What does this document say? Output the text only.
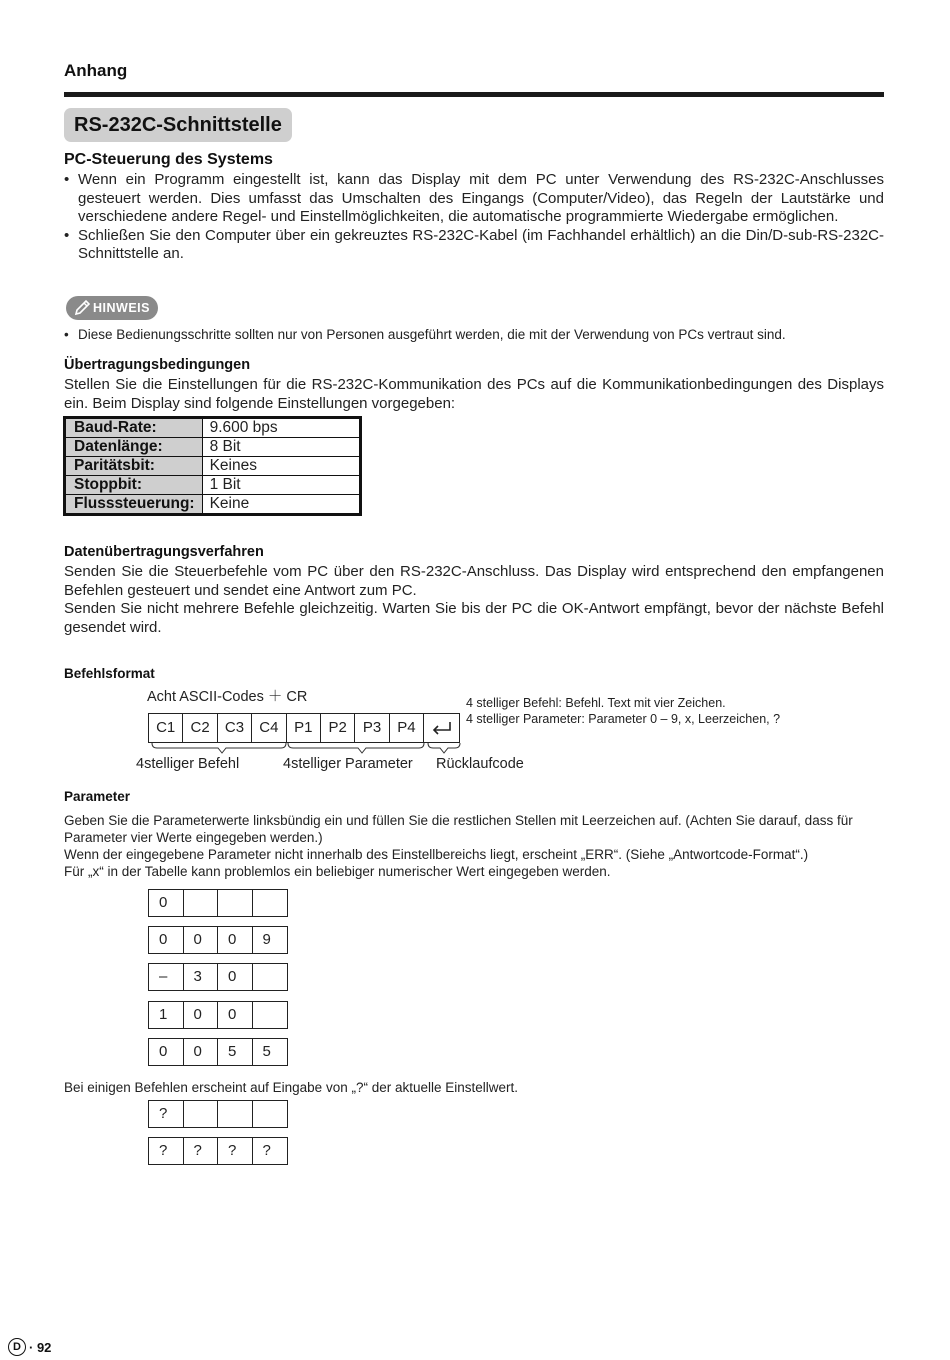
Anhang
RS-232C-Schnittstelle
PC-Steuerung des Systems
• Wenn ein Programm eingestellt ist, kann das Display mit dem PC unter Verwendung des RS-232C-Anschlusses gesteuert werden. Dies umfasst das Umschalten des Eingangs (Computer/Video), das Regeln der Lautstärke und verschiedene andere Regel- und Einstellmöglichkeiten, die automatische programmierte Wiedergabe ermöglichen.
• Schließen Sie den Computer über ein gekreuztes RS-232C-Kabel (im Fachhandel erhältlich) an die Din/D-sub-RS-232C-Schnittstelle an.
HINWEIS
• Diese Bedienungsschritte sollten nur von Personen ausgeführt werden, die mit der Verwendung von PCs vertraut sind.
Übertragungsbedingungen
Stellen Sie die Einstellungen für die RS-232C-Kommunikation des PCs auf die Kommunikationbedingungen des Displays ein. Beim Display sind folgende Einstellungen vorgegeben:
Baud-Rate:	9.600 bps
Datenlänge:	8 Bit
Paritätsbit:	Keines
Stoppbit:	1 Bit
Flusssteuerung:	Keine
Datenübertragungsverfahren
Senden Sie die Steuerbefehle vom PC über den RS-232C-Anschluss. Das Display wird entsprechend den empfangenen Befehlen gesteuert und sendet eine Antwort zum PC.
Senden Sie nicht mehrere Befehle gleichzeitig. Warten Sie bis der PC die OK-Antwort empfängt, bevor der nächste Befehl gesendet wird.
Befehlsformat
Acht ASCII-Codes ＋ CR	4 stelliger Befehl: Befehl. Text mit vier Zeichen.
4 stelliger Parameter: Parameter 0 – 9, x, Leerzeichen, ?
C1	C2	C3	C4	P1	P2	P3	P4
4stelliger Befehl	4stelliger Parameter Rücklaufcode
Parameter
Geben Sie die Parameterwerte linksbündig ein und füllen Sie die restlichen Stellen mit Leerzeichen auf. (Achten Sie darauf, dass für Parameter vier Werte eingegeben werden.)
Wenn der eingegebene Parameter nicht innerhalb des Einstellbereichs liegt, erscheint „ERR“. (Siehe „Antwortcode-Format“.)
Für „x“ in der Tabelle kann problemlos ein beliebiger numerischer Wert eingegeben werden.
0
0	0	0	9
–	3	0
1	0	0
0	0	5	5
Bei einigen Befehlen erscheint auf Eingabe von „?“ der aktuelle Einstellwert.
?
?	?	?	?
D · 92
